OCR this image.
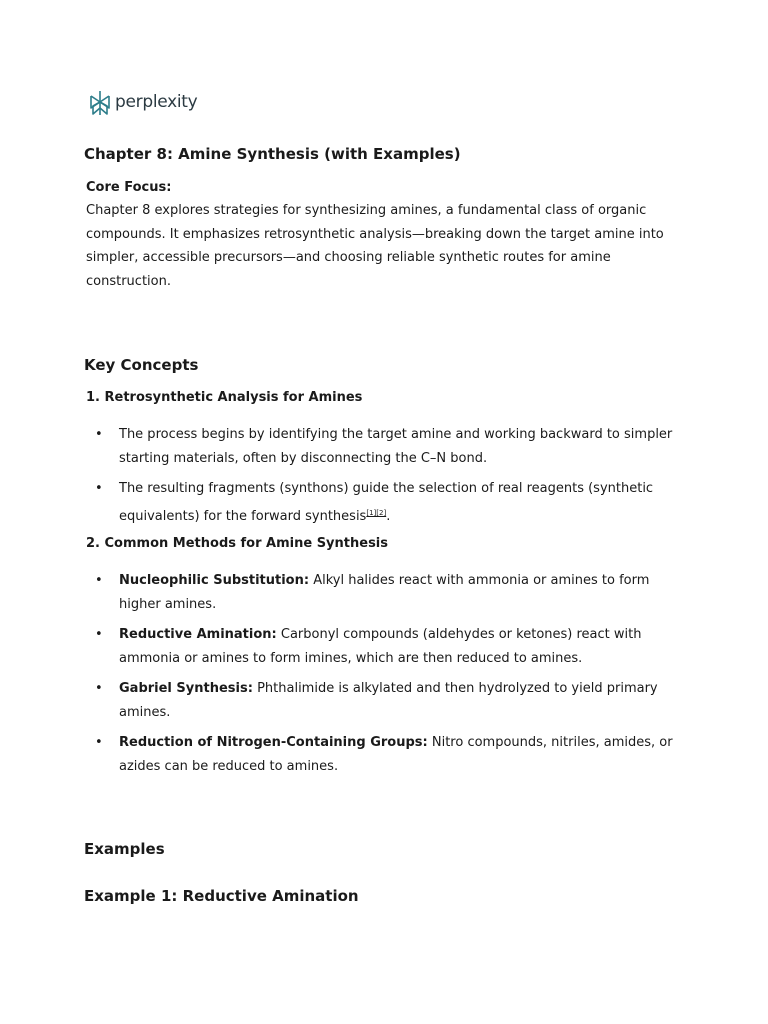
perplexity
Chapter 8: Amine Synthesis (with Examples)
Core Focus:
Chapter 8 explores strategies for synthesizing amines, a fundamental class of organic compounds. It emphasizes retrosynthetic analysis—breaking down the target amine into simpler, accessible precursors—and choosing reliable synthetic routes for amine construction.
Key Concepts
1. Retrosynthetic Analysis for Amines
• The process begins by identifying the target amine and working backward to simpler starting materials, often by disconnecting the C–N bond.
• The resulting fragments (synthons) guide the selection of real reagents (synthetic equivalents) for the forward synthesis[1][2].
2. Common Methods for Amine Synthesis
• Nucleophilic Substitution: Alkyl halides react with ammonia or amines to form higher amines.
• Reductive Amination: Carbonyl compounds (aldehydes or ketones) react with ammonia or amines to form imines, which are then reduced to amines.
• Gabriel Synthesis: Phthalimide is alkylated and then hydrolyzed to yield primary amines.
• Reduction of Nitrogen-Containing Groups: Nitro compounds, nitriles, amides, or azides can be reduced to amines.
Examples
Example 1: Reductive Amination
